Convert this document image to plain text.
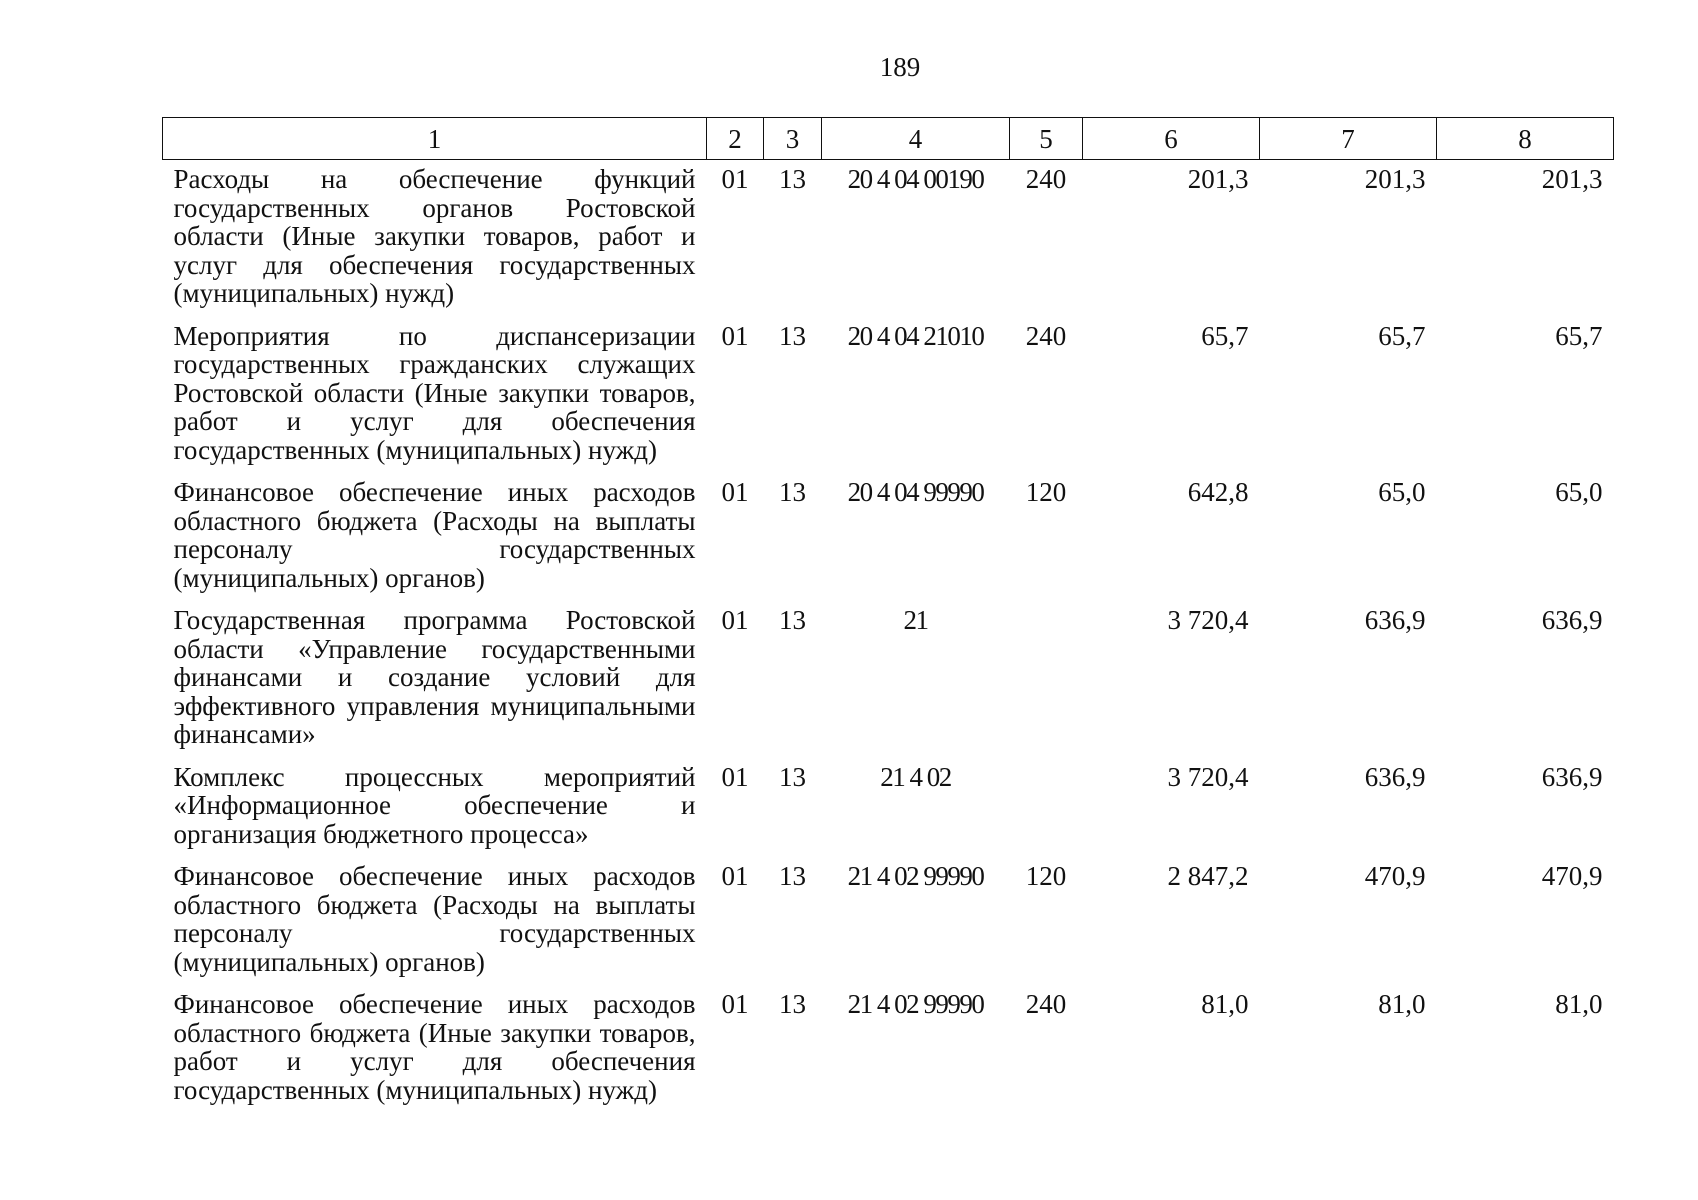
189
1	2	3	4	5	6	7	8
Расходы на обеспечение функций государственных органов Ростовской области (Иные закупки товаров, работ и услуг для обеспечения государственных (муниципальных) нужд)	01	13	20 4 04 00190	240	201,3	201,3	201,3
Мероприятия по диспансеризации государственных гражданских служащих Ростовской области (Иные закупки товаров, работ и услуг для обеспечения государственных (муниципальных) нужд)	01	13	20 4 04 21010	240	65,7	65,7	65,7
Финансовое обеспечение иных расходов областного бюджета (Расходы на выплаты персоналу государственных (муниципальных) органов)	01	13	20 4 04 99990	120	642,8	65,0	65,0
Государственная программа Ростовской области «Управление государственными финансами и создание условий для эффективного управления муниципальными финансами»	01	13	21		3 720,4	636,9	636,9
Комплекс процессных мероприятий «Информационное обеспечение и организация бюджетного процесса»	01	13	21 4 02		3 720,4	636,9	636,9
Финансовое обеспечение иных расходов областного бюджета (Расходы на выплаты персоналу государственных (муниципальных) органов)	01	13	21 4 02 99990	120	2 847,2	470,9	470,9
Финансовое обеспечение иных расходов областного бюджета (Иные закупки товаров, работ и услуг для обеспечения государственных (муниципальных) нужд)	01	13	21 4 02 99990	240	81,0	81,0	81,0
